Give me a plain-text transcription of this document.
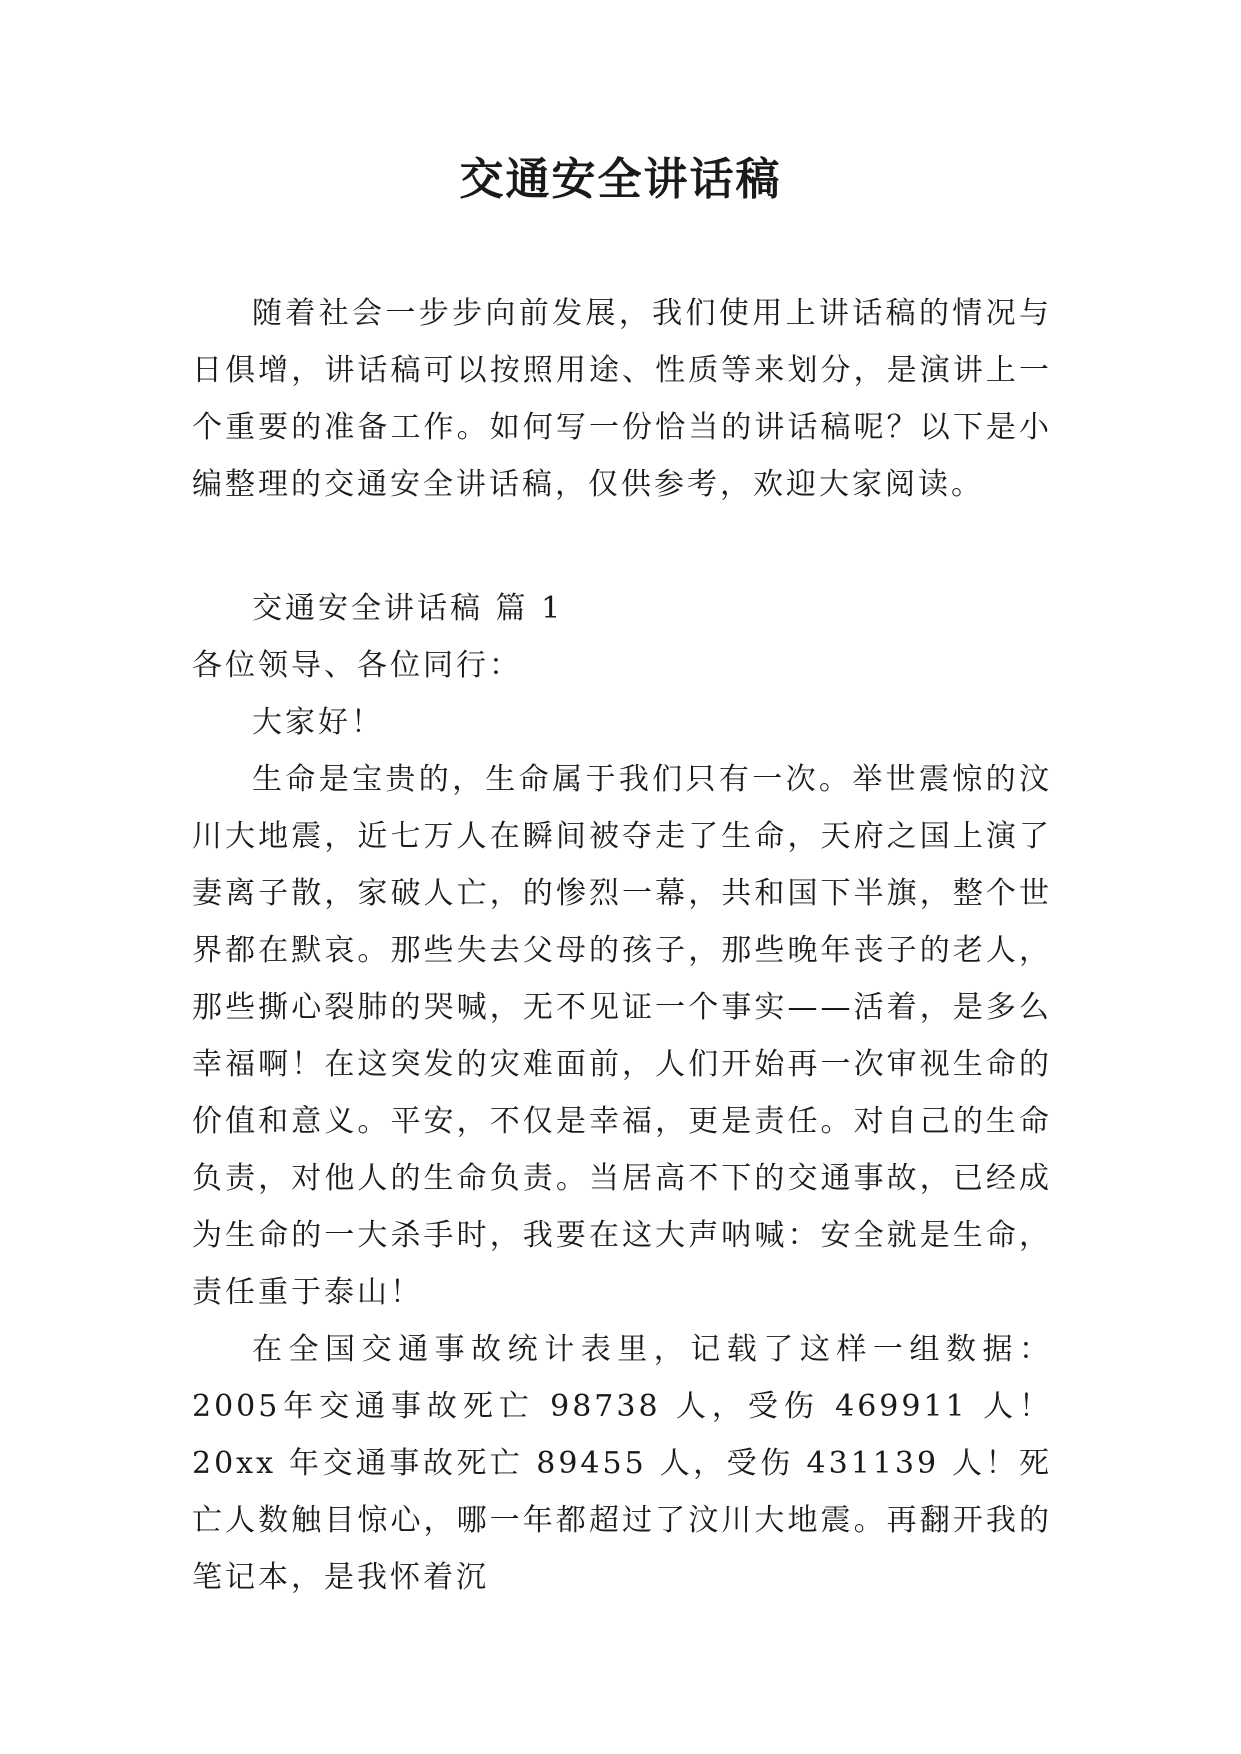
交通安全讲话稿

随着社会一步步向前发展，我们使用上讲话稿的情况与日俱增，讲话稿可以按照用途、性质等来划分，是演讲上一个重要的准备工作。如何写一份恰当的讲话稿呢？以下是小编整理的交通安全讲话稿，仅供参考，欢迎大家阅读。

交通安全讲话稿 篇 1

各位领导、各位同行：

大家好！

生命是宝贵的，生命属于我们只有一次。举世震惊的汶川大地震，近七万人在瞬间被夺走了生命，天府之国上演了妻离子散，家破人亡，的惨烈一幕，共和国下半旗，整个世界都在默哀。那些失去父母的孩子，那些晚年丧子的老人，那些撕心裂肺的哭喊，无不见证一个事实——活着，是多么幸福啊！在这突发的灾难面前，人们开始再一次审视生命的价值和意义。平安，不仅是幸福，更是责任。对自己的生命负责，对他人的生命负责。当居高不下的交通事故，已经成为生命的一大杀手时，我要在这大声呐喊：安全就是生命，责任重于泰山！

在全国交通事故统计表里，记载了这样一组数据：2005年交通事故死亡 98738 人，受伤 469911 人！20xx 年交通事故死亡 89455 人，受伤 431139 人！死亡人数触目惊心，哪一年都超过了汶川大地震。再翻开我的笔记本，是我怀着沉
